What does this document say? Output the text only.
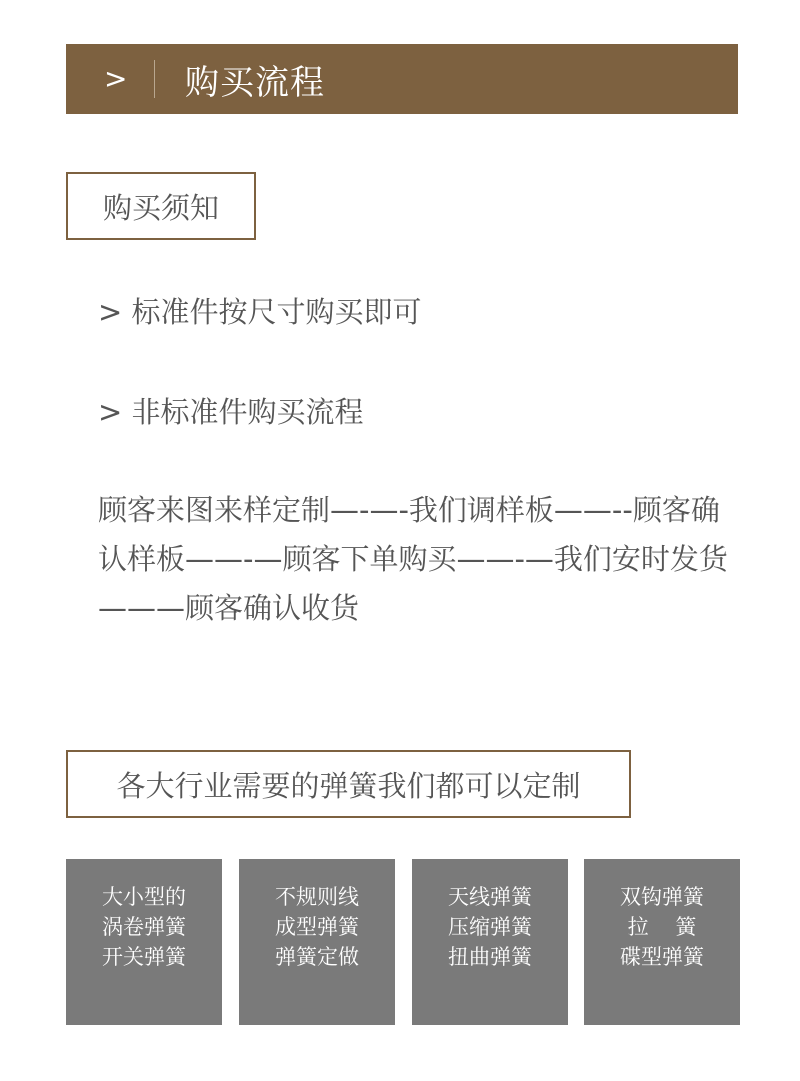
> 购买流程
购买须知
> 标准件按尺寸购买即可
> 非标准件购买流程
顾客来图来样定制—-—-我们调样板——--顾客确认样板——-—顾客下单购买——-—我们安时发货———顾客确认收货
各大行业需要的弹簧我们都可以定制
大小型的
涡卷弹簧
开关弹簧
不规则线
成型弹簧
弹簧定做
天线弹簧
压缩弹簧
扭曲弹簧
双钩弹簧
拉    簧
碟型弹簧
